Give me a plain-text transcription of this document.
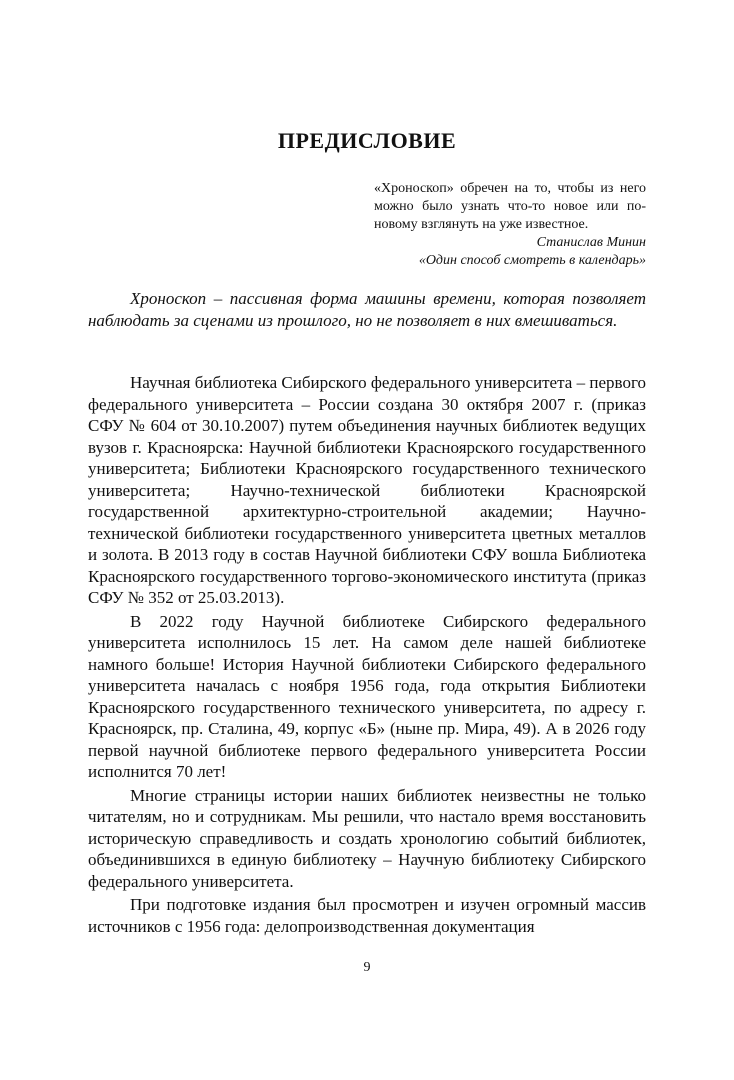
ПРЕДИСЛОВИЕ
«Хроноскоп» обречен на то, чтобы из него можно было узнать что-то новое или по-новому взглянуть на уже известное.
Станислав Минин
«Один способ смотреть в календарь»
Хроноскоп – пассивная форма машины времени, которая позволяет наблюдать за сценами из прошлого, но не позволяет в них вмешиваться.

Научная библиотека Сибирского федерального университета – первого федерального университета – России создана 30 октября 2007 г. (приказ СФУ № 604 от 30.10.2007) путем объединения научных библиотек ведущих вузов г. Красноярска: Научной библиотеки Красноярского государственного университета; Библиотеки Красноярского государственного технического университета; Научно-технической библиотеки Красноярской государственной архитектурно-строительной академии; Научно-технической библиотеки государственного университета цветных металлов и золота. В 2013 году в состав Научной библиотеки СФУ вошла Библиотека Красноярского государственного торгово-экономического института (приказ СФУ № 352 от 25.03.2013).

В 2022 году Научной библиотеке Сибирского федерального университета исполнилось 15 лет. На самом деле нашей библиотеке намного больше! История Научной библиотеки Сибирского федерального университета началась с ноября 1956 года, года открытия Библиотеки Красноярского государственного технического университета, по адресу г. Красноярск, пр. Сталина, 49, корпус «Б» (ныне пр. Мира, 49). А в 2026 году первой научной библиотеке первого федерального университета России исполнится 70 лет!

Многие страницы истории наших библиотек неизвестны не только читателям, но и сотрудникам. Мы решили, что настало время восстановить историческую справедливость и создать хронологию событий библиотек, объединившихся в единую библиотеку – Научную библиотеку Сибирского федерального университета.

При подготовке издания был просмотрен и изучен огромный массив источников с 1956 года: делопроизводственная документация

9
